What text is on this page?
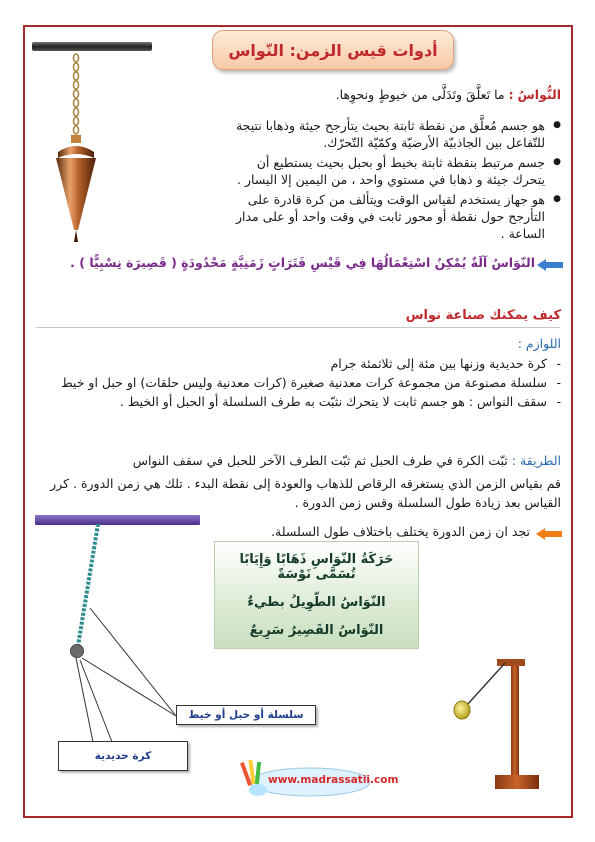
أدوات قيس الزمن: النّواس
النُّواسُ : ما تَعلَّقَ وتَدَلَّى من خيوطٍ ونحوِها.
● هو جسم مُعلَّق من نقطة ثابتة بحيث يتأرجح جيئة وذهابا نتيجة للتّفاعل بين الجاذبيّة الأرضيّة وكمّيّة التّحرّك.
● جسم مرتبط بنقطة ثابتة بخيط أو بحبل بحيث يستطيع أن يتحرك جيئة و ذهابا في مستوي واحد ، من اليمين إلا اليسار .
● هو جهاز يستخدم لقياس الوقت ويتألف من كرة قادرة على التأرجح حول نقطة أو محور ثابت في وقت واحد أو على مدار الساعة .
النّوَاسُ آلَةٌ يُمْكِنُ اسْتِعْمَالُهَا فِي قَيْسِ فَتَرَاتٍ زَمَنِيَّةٍ مَحْدُودَةٍ ( قَصِيرَة نِسْبِيًّا ) .
كيف يمكنك صناعة نواس
اللوازم :
- كرة حديدية وزنها بين مئة إلى ثلاثمئة جرام
- سلسلة مصنوعة من مجموعة كرات معدنية صغيرة (كرات معدنية وليس حلقات) او حبل او خيط
- سقف النواس : هو جسم ثابت لا يتحرك نثبّت به طرف السلسلة أو الحبل أو الخيط .
الطريقة : ثبّت الكرة في طرف الحبل ثم ثبّت الطرف الآخر للحبل في سقف النواس
قم بقياس الزمن الذي يستغرقه الرقاص للذهاب والعودة إلى نقطة البدء . تلك هي زمن الدورة . كرر القياس بعد زيادة طول السلسلة وقس زمن الدورة .
تجد ان زمن الدورة يختلف باختلاف طول السلسلة.
حَرَكَةُ النّوَاسِ ذَهَابًا وَإِيَابًا تُسَمَّى نَوْسَةً
النّوَاسُ الطّوِيلُ بطيءٌ
النّوَاسُ القَصِيرُ سَرِيعٌ
سلسلة أو حبل أو خيط
كرة حديدية
www.madrassatii.com
